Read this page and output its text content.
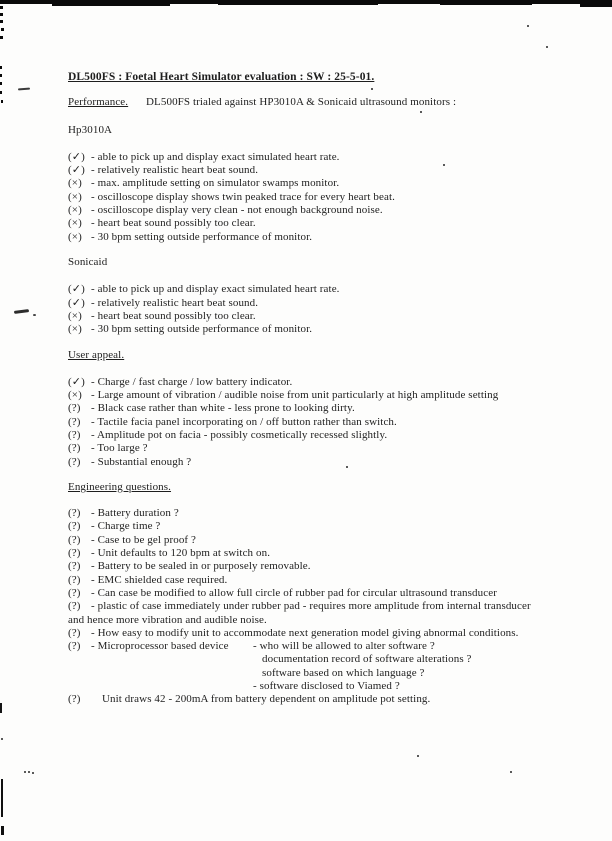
DL500FS : Foetal Heart Simulator evaluation : SW : 25-5-01.
Performance. DL500FS trialed against HP3010A & Sonicaid ultrasound monitors :
Hp3010A
(✓) - able to pick up and display exact simulated heart rate.
(✓) - relatively realistic heart beat sound.
(×) - max. amplitude setting on simulator swamps monitor.
(×) - oscilloscope display shows twin peaked trace for every heart beat.
(×) - oscilloscope display very clean - not enough background noise.
(×) - heart beat sound possibly too clear.
(×) - 30 bpm setting outside performance of monitor.
Sonicaid
(✓) - able to pick up and display exact simulated heart rate.
(✓) - relatively realistic heart beat sound.
(×) - heart beat sound possibly too clear.
(×) - 30 bpm setting outside performance of monitor.
User appeal.
(✓) - Charge / fast charge / low battery indicator.
(×) - Large amount of vibration / audible noise from unit particularly at high amplitude setting
(?) - Black case rather than white - less prone to looking dirty.
(?) - Tactile facia panel incorporating on / off button rather than switch.
(?) - Amplitude pot on facia - possibly cosmetically recessed slightly.
(?) - Too large ?
(?) - Substantial enough ?
Engineering questions.
(?) - Battery duration ?
(?) - Charge time ?
(?) - Case to be gel proof ?
(?) - Unit defaults to 120 bpm at switch on.
(?) - Battery to be sealed in or purposely removable.
(?) - EMC shielded case required.
(?) - Can case be modified to allow full circle of rubber pad for circular ultrasound transducer
(?) - plastic of case immediately under rubber pad - requires more amplitude from internal transducer
and hence more vibration and audible noise.
(?) - How easy to modify unit to accommodate next generation model giving abnormal conditions.
(?) - Microprocessor based device	- who will be allowed to alter software ?
documentation record of software alterations ?
software based on which language ?
- software disclosed to Viamed ?
(?) Unit draws 42 - 200mA from battery dependent on amplitude pot setting.
